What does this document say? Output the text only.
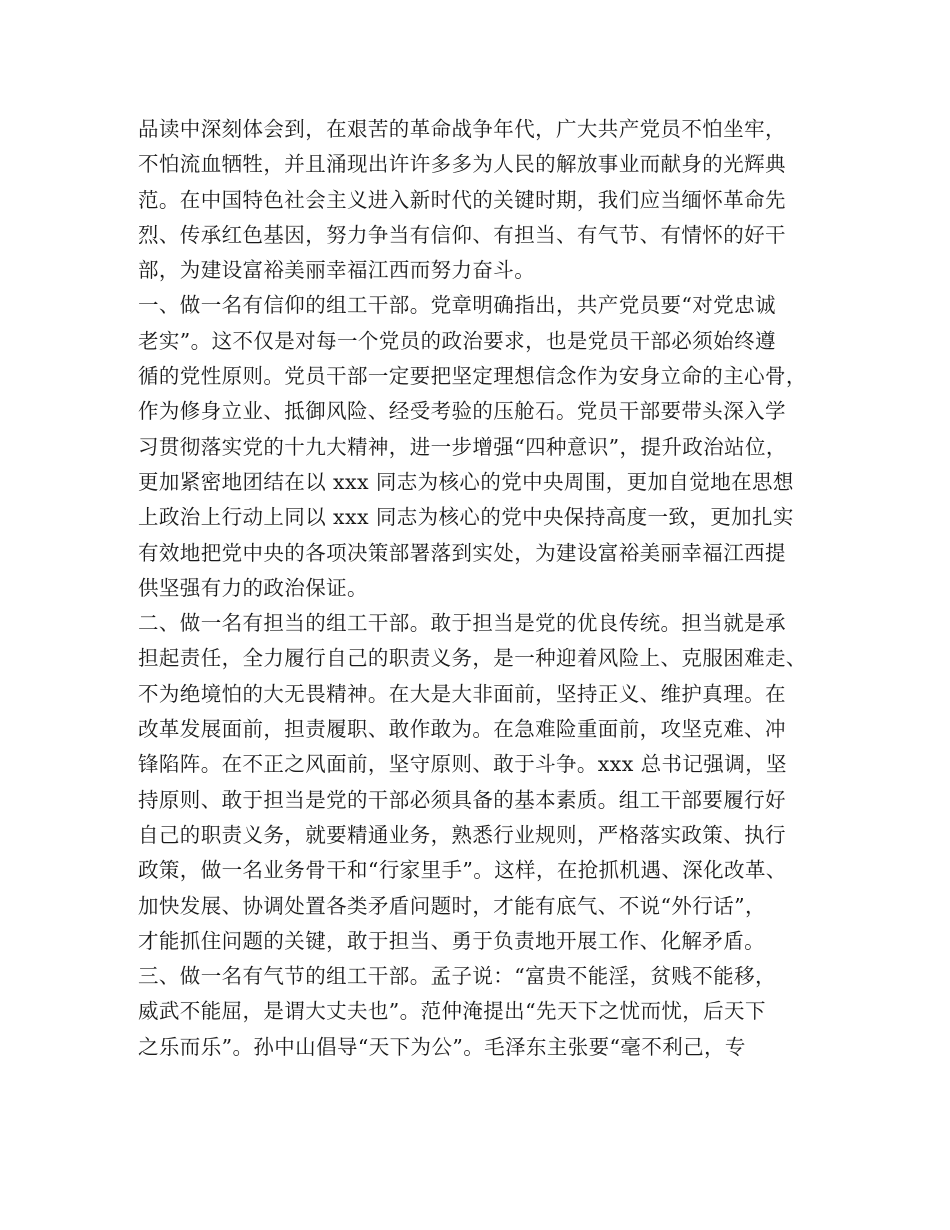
品读中深刻体会到，在艰苦的革命战争年代，广大共产党员不怕坐牢，
不怕流血牺牲，并且涌现出许许多多为人民的解放事业而献身的光辉典
范。在中国特色社会主义进入新时代的关键时期，我们应当缅怀革命先
烈、传承红色基因，努力争当有信仰、有担当、有气节、有情怀的好干
部，为建设富裕美丽幸福江西而努力奋斗。
一、做一名有信仰的组工干部。党章明确指出，共产党员要“对党忠诚
老实”。这不仅是对每一个党员的政治要求，也是党员干部必须始终遵
循的党性原则。党员干部一定要把坚定理想信念作为安身立命的主心骨，
作为修身立业、抵御风险、经受考验的压舱石。党员干部要带头深入学
习贯彻落实党的十九大精神，进一步增强“四种意识”，提升政治站位，
更加紧密地团结在以 xxx 同志为核心的党中央周围，更加自觉地在思想
上政治上行动上同以 xxx 同志为核心的党中央保持高度一致，更加扎实
有效地把党中央的各项决策部署落到实处，为建设富裕美丽幸福江西提
供坚强有力的政治保证。
二、做一名有担当的组工干部。敢于担当是党的优良传统。担当就是承
担起责任，全力履行自己的职责义务，是一种迎着风险上、克服困难走、
不为绝境怕的大无畏精神。在大是大非面前，坚持正义、维护真理。在
改革发展面前，担责履职、敢作敢为。在急难险重面前，攻坚克难、冲
锋陷阵。在不正之风面前，坚守原则、敢于斗争。xxx 总书记强调，坚
持原则、敢于担当是党的干部必须具备的基本素质。组工干部要履行好
自己的职责义务，就要精通业务，熟悉行业规则，严格落实政策、执行
政策，做一名业务骨干和“行家里手”。这样，在抢抓机遇、深化改革、
加快发展、协调处置各类矛盾问题时，才能有底气、不说“外行话”，
才能抓住问题的关键，敢于担当、勇于负责地开展工作、化解矛盾。
三、做一名有气节的组工干部。孟子说：“富贵不能淫，贫贱不能移，
威武不能屈，是谓大丈夫也”。范仲淹提出“先天下之忧而忧，后天下
之乐而乐”。孙中山倡导“天下为公”。毛泽东主张要“毫不利己，专
